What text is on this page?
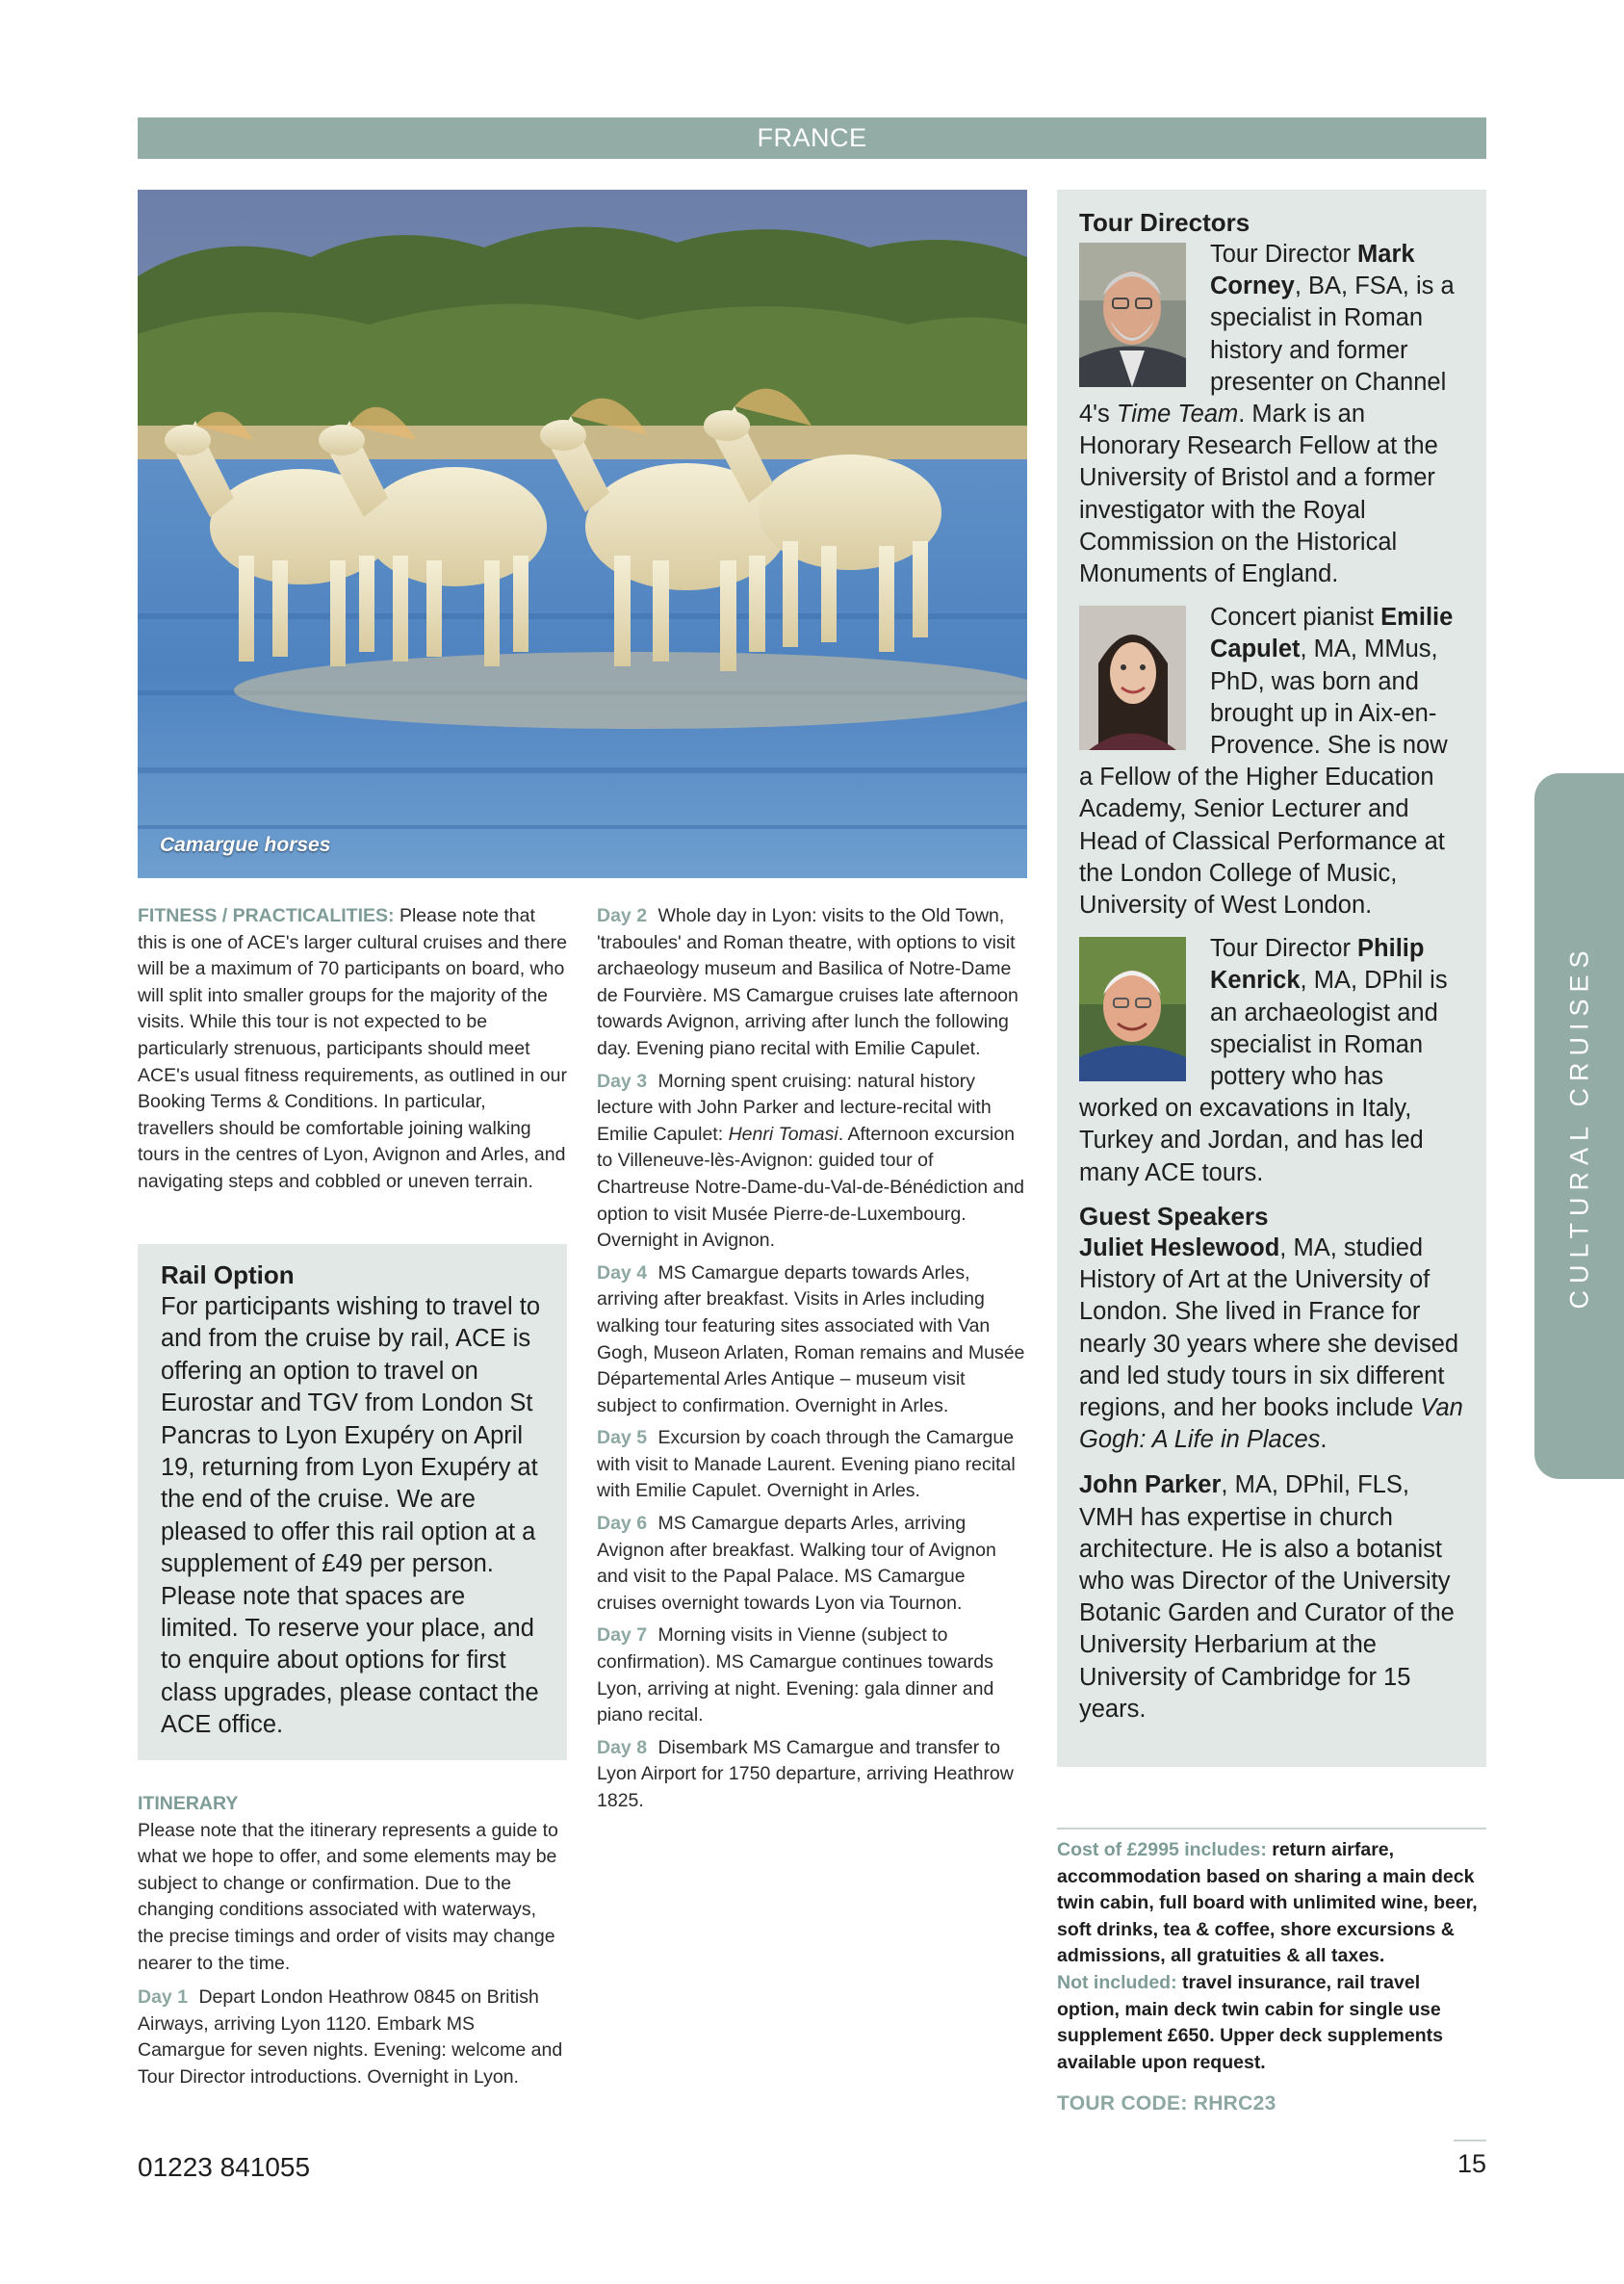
FRANCE
Camargue horses
FITNESS / PRACTICALITIES: Please note that this is one of ACE's larger cultural cruises and there will be a maximum of 70 participants on board, who will split into smaller groups for the majority of the visits. While this tour is not expected to be particularly strenuous, participants should meet ACE's usual fitness requirements, as outlined in our Booking Terms & Conditions. In particular, travellers should be comfortable joining walking tours in the centres of Lyon, Avignon and Arles, and navigating steps and cobbled or uneven terrain.
Rail Option

For participants wishing to travel to and from the cruise by rail, ACE is offering an option to travel on Eurostar and TGV from London St Pancras to Lyon Exupéry on April 19, returning from Lyon Exupéry at the end of the cruise. We are pleased to offer this rail option at a supplement of £49 per person. Please note that spaces are limited. To reserve your place, and to enquire about options for first class upgrades, please contact the ACE office.

ITINERARY
Please note that the itinerary represents a guide to what we hope to offer, and some elements may be subject to change or confirmation. Due to the changing conditions associated with waterways, the precise timings and order of visits may change nearer to the time.
Day 1 Depart London Heathrow 0845 on British Airways, arriving Lyon 1120. Embark MS Camargue for seven nights. Evening: welcome and Tour Director introductions. Overnight in Lyon.
Day 2 Whole day in Lyon: visits to the Old Town, 'traboules' and Roman theatre, with options to visit archaeology museum and Basilica of Notre-Dame de Fourvière. MS Camargue cruises late afternoon towards Avignon, arriving after lunch the following day. Evening piano recital with Emilie Capulet.
Day 3 Morning spent cruising: natural history lecture with John Parker and lecture-recital with Emilie Capulet: Henri Tomasi. Afternoon excursion to Villeneuve-lès-Avignon: guided tour of Chartreuse Notre-Dame-du-Val-de-Bénédiction and option to visit Musée Pierre-de-Luxembourg. Overnight in Avignon.
Day 4 MS Camargue departs towards Arles, arriving after breakfast. Visits in Arles including walking tour featuring sites associated with Van Gogh, Museon Arlaten, Roman remains and Musée Départemental Arles Antique – museum visit subject to confirmation. Overnight in Arles.
Day 5 Excursion by coach through the Camargue with visit to Manade Laurent. Evening piano recital with Emilie Capulet. Overnight in Arles.
Day 6 MS Camargue departs Arles, arriving Avignon after breakfast. Walking tour of Avignon and visit to the Papal Palace. MS Camargue cruises overnight towards Lyon via Tournon.
Day 7 Morning visits in Vienne (subject to confirmation). MS Camargue continues towards Lyon, arriving at night. Evening: gala dinner and piano recital.
Day 8 Disembark MS Camargue and transfer to Lyon Airport for 1750 departure, arriving Heathrow 1825.
Tour Directors
Tour Director Mark Corney, BA, FSA, is a specialist in Roman history and former presenter on Channel 4's Time Team. Mark is an Honorary Research Fellow at the University of Bristol and a former investigator with the Royal Commission on the Historical Monuments of England.
Concert pianist Emilie Capulet, MA, MMus, PhD, was born and brought up in Aix-en-Provence. She is now a Fellow of the Higher Education Academy, Senior Lecturer and Head of Classical Performance at the London College of Music, University of West London.
Tour Director Philip Kenrick, MA, DPhil is an archaeologist and specialist in Roman pottery who has worked on excavations in Italy, Turkey and Jordan, and has led many ACE tours.
Guest Speakers
Juliet Heslewood, MA, studied History of Art at the University of London. She lived in France for nearly 30 years where she devised and led study tours in six different regions, and her books include Van Gogh: A Life in Places.
John Parker, MA, DPhil, FLS, VMH has expertise in church architecture. He is also a botanist who was Director of the University Botanic Garden and Curator of the University Herbarium at the University of Cambridge for 15 years.
Cost of £2995 includes: return airfare, accommodation based on sharing a main deck twin cabin, full board with unlimited wine, beer, soft drinks, tea & coffee, shore excursions & admissions, all gratuities & all taxes.
Not included: travel insurance, rail travel option, main deck twin cabin for single use supplement £650. Upper deck supplements available upon request.
TOUR CODE: RHRC23
CULTURAL CRUISES
01223 841055	15
